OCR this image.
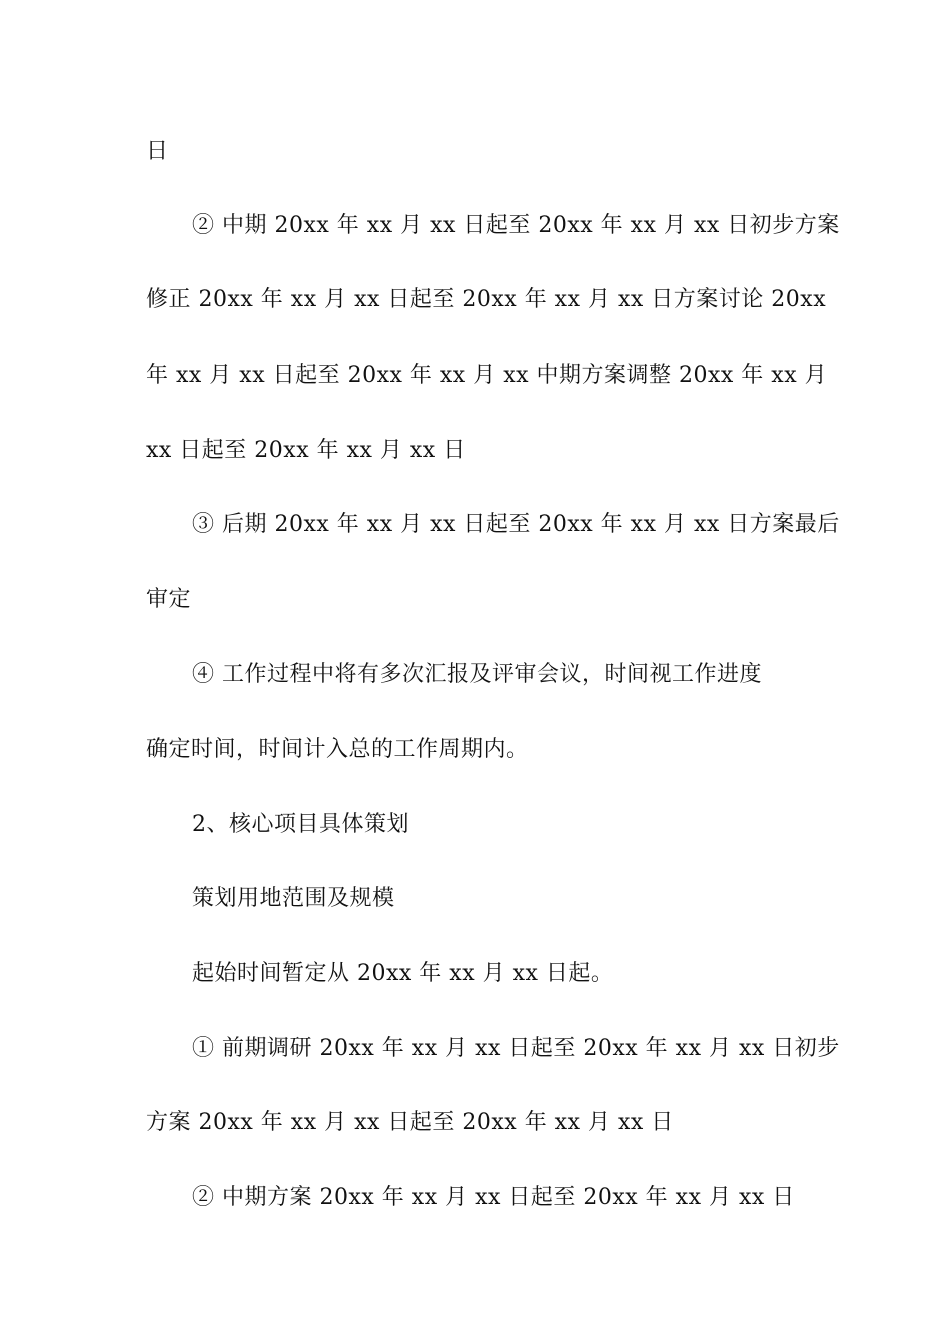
日
② 中期 20xx 年 xx 月 xx 日起至 20xx 年 xx 月 xx 日初步方案
修正 20xx 年 xx 月 xx 日起至 20xx 年 xx 月 xx 日方案讨论 20xx
年 xx 月 xx 日起至 20xx 年 xx 月 xx 中期方案调整 20xx 年 xx 月
xx 日起至 20xx 年 xx 月 xx 日
③ 后期 20xx 年 xx 月 xx 日起至 20xx 年 xx 月 xx 日方案最后
审定
④ 工作过程中将有多次汇报及评审会议，时间视工作进度
确定时间，时间计入总的工作周期内。
2、核心项目具体策划
策划用地范围及规模
起始时间暂定从 20xx 年 xx 月 xx 日起。
① 前期调研 20xx 年 xx 月 xx 日起至 20xx 年 xx 月 xx 日初步
方案 20xx 年 xx 月 xx 日起至 20xx 年 xx 月 xx 日
② 中期方案 20xx 年 xx 月 xx 日起至 20xx 年 xx 月 xx 日
